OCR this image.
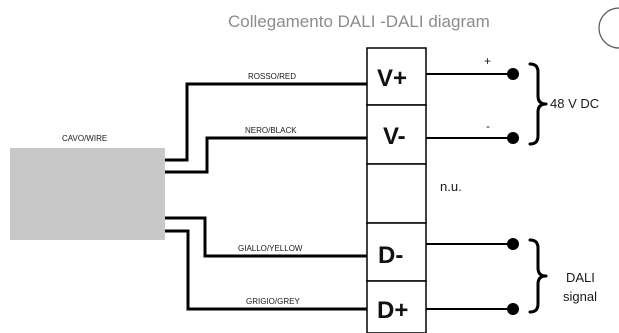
Collegamento DALI -DALI diagram
CAVO/WIRE
ROSSO/RED
NERO/BLACK
GIALLO/YELLOW
GRIGIO/GREY
V+
V-
D-
D+
n.u.
+
-
48 V DC
DALI
signal
